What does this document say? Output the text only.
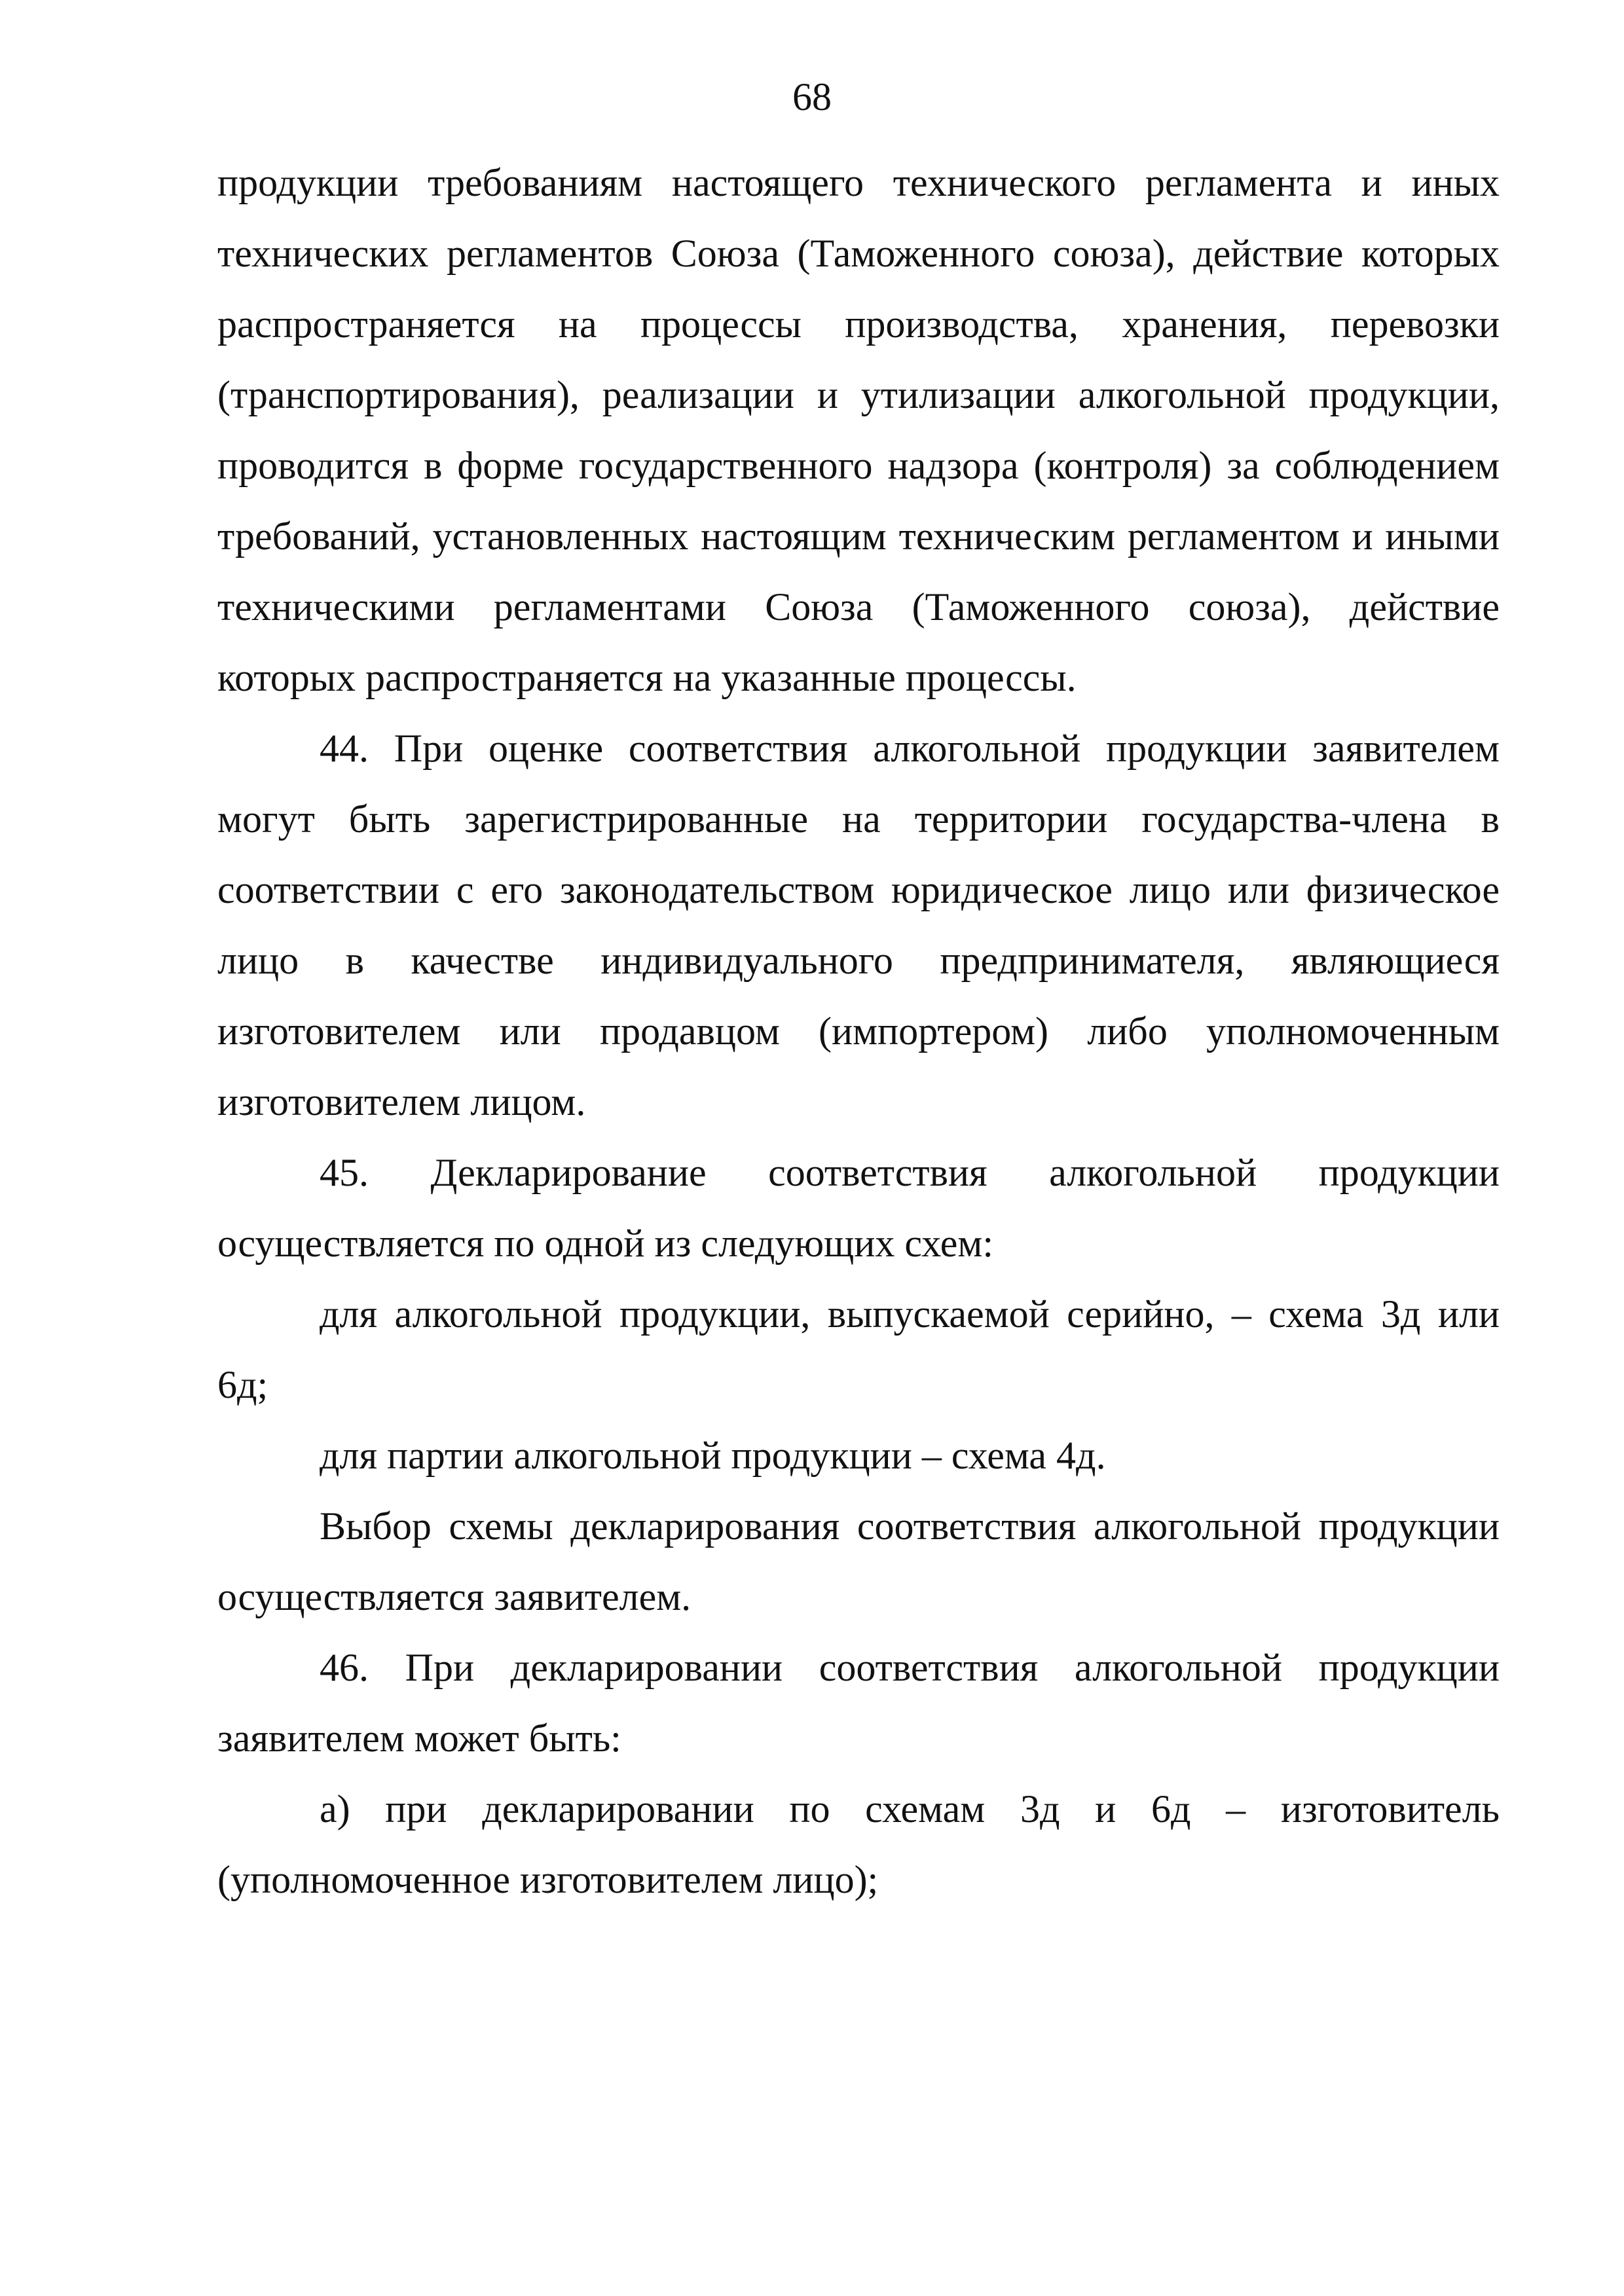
68

продукции требованиям настоящего технического регламента и иных технических регламентов Союза (Таможенного союза), действие которых распространяется на процессы производства, хранения, перевозки (транспортирования), реализации и утилизации алкогольной продукции, проводится в форме государственного надзора (контроля) за соблюдением требований, установленных настоящим техническим регламентом и иными техническими регламентами Союза (Таможенного союза), действие которых распространяется на указанные процессы.

44. При оценке соответствия алкогольной продукции заявителем могут быть зарегистрированные на территории государства-члена в соответствии с его законодательством юридическое лицо или физическое лицо в качестве индивидуального предпринимателя, являющиеся изготовителем или продавцом (импортером) либо уполномоченным изготовителем лицом.

45. Декларирование соответствия алкогольной продукции осуществляется по одной из следующих схем:

для алкогольной продукции, выпускаемой серийно, – схема 3д или 6д;

для партии алкогольной продукции – схема 4д.

Выбор схемы декларирования соответствия алкогольной продукции осуществляется заявителем.

46. При декларировании соответствия алкогольной продукции заявителем может быть:

а) при декларировании по схемам 3д и 6д – изготовитель (уполномоченное изготовителем лицо);
